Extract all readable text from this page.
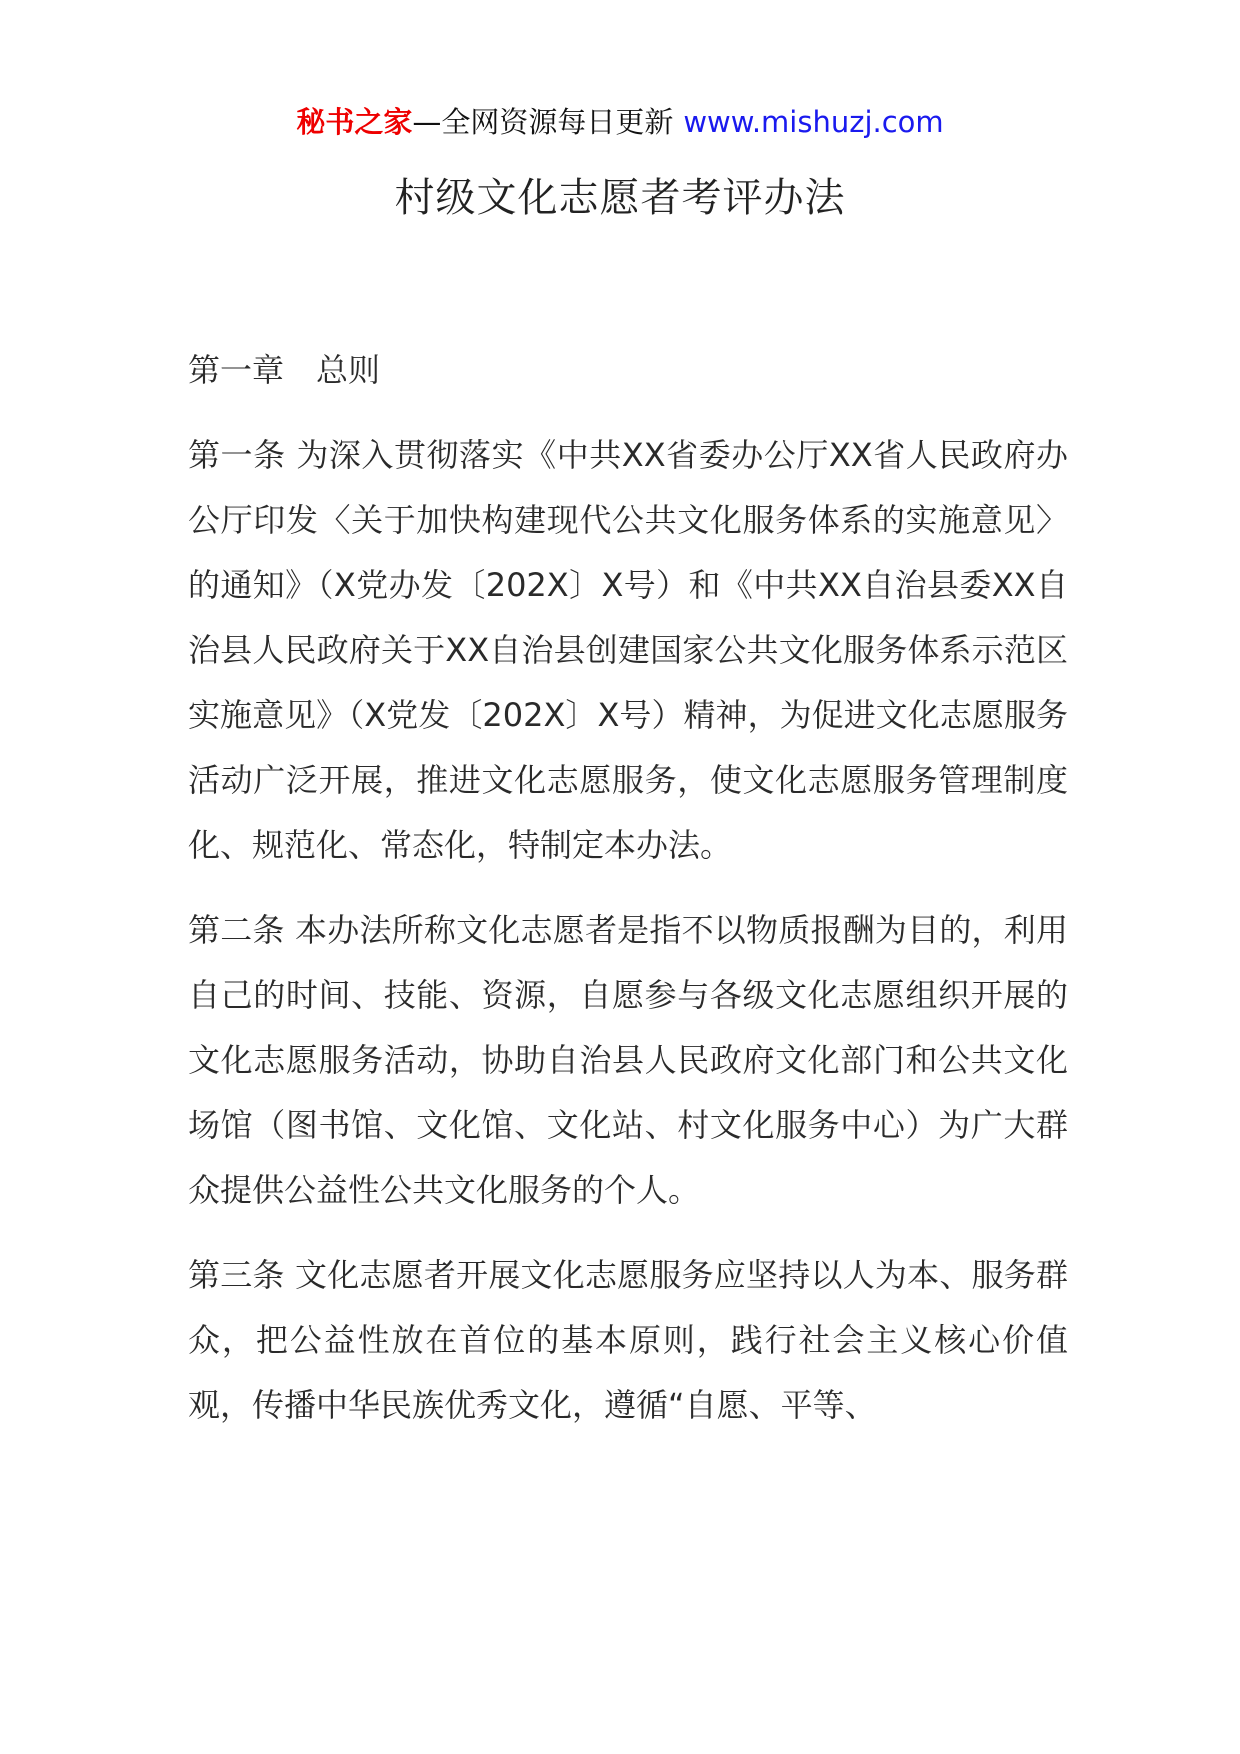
秘书之家—全网资源每日更新 www.mishuzj.com
村级文化志愿者考评办法
第一章　总则

第一条 为深入贯彻落实《中共XX省委办公厅XX省人民政府办公厅印发〈关于加快构建现代公共文化服务体系的实施意见〉的通知》（X党办发〔202X〕X号）和《中共XX自治县委XX自治县人民政府关于XX自治县创建国家公共文化服务体系示范区实施意见》（X党发〔202X〕X号）精神，为促进文化志愿服务活动广泛开展，推进文化志愿服务，使文化志愿服务管理制度化、规范化、常态化，特制定本办法。

第二条 本办法所称文化志愿者是指不以物质报酬为目的，利用自己的时间、技能、资源，自愿参与各级文化志愿组织开展的文化志愿服务活动，协助自治县人民政府文化部门和公共文化场馆（图书馆、文化馆、文化站、村文化服务中心）为广大群众提供公益性公共文化服务的个人。

第三条 文化志愿者开展文化志愿服务应坚持以人为本、服务群众，把公益性放在首位的基本原则，践行社会主义核心价值观，传播中华民族优秀文化，遵循“自愿、平等、
